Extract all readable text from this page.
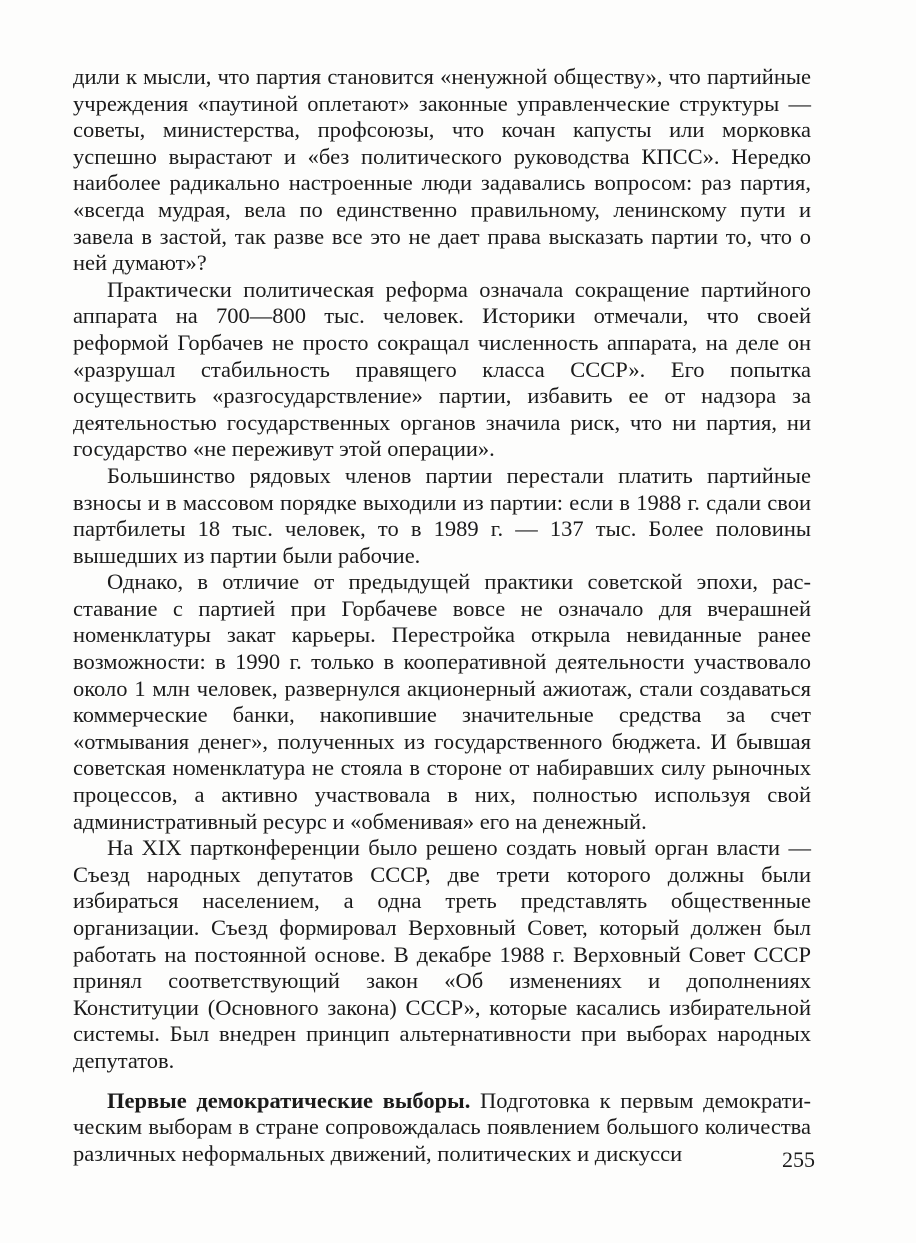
дили к мысли, что партия становится «ненужной обществу», что партийные учреждения «паутиной оплетают» законные управленческие структуры — советы, министерства, профсоюзы, что кочан капусты или морковка успешно вырастают и «без политического руководства КПСС». Нередко наиболее радикально настроенные люди задавались вопросом: раз партия, «всегда мудрая, вела по единственно правильному, ленинскому пути и завела в застой, так разве все это не дает права высказать партии то, что о ней думают»?

Практически политическая реформа означала сокращение партийного аппарата на 700—800 тыс. человек. Историки отмечали, что своей реформой Горбачев не просто сокращал численность аппарата, на деле он «разрушал стабильность правящего класса СССР». Его попытка осуществить «разгосударствление» партии, избавить ее от надзора за деятельностью государственных органов значила риск, что ни партия, ни государство «не переживут этой операции».

Большинство рядовых членов партии перестали платить партийные взносы и в массовом порядке выходили из партии: если в 1988 г. сдали свои партбилеты 18 тыс. человек, то в 1989 г. — 137 тыс. Более половины вышедших из партии были рабочие.

Однако, в отличие от предыдущей практики советской эпохи, расставание с партией при Горбачеве вовсе не означало для вчерашней номенклатуры закат карьеры. Перестройка открыла невиданные ранее возможности: в 1990 г. только в кооперативной деятельности участвовало около 1 млн человек, развернулся акционерный ажиотаж, стали создаваться коммерческие банки, накопившие значительные средства за счет «отмывания денег», полученных из государственного бюджета. И бывшая советская номенклатура не стояла в стороне от набиравших силу рыночных процессов, а активно участвовала в них, полностью используя свой административный ресурс и «обменивая» его на денежный.

На XIX партконференции было решено создать новый орган власти — Съезд народных депутатов СССР, две трети которого должны были избираться населением, а одна треть представлять общественные организации. Съезд формировал Верховный Совет, который должен был работать на постоянной основе. В декабре 1988 г. Верховный Совет СССР принял соответствующий закон «Об изменениях и дополнениях Конституции (Основного закона) СССР», которые касались избирательной системы. Был внедрен принцип альтернативности при выборах народных депутатов.

Первые демократические выборы. Подготовка к первым демократическим выборам в стране сопровождалась появлением большого количества различных неформальных движений, политических и дискусси	255
